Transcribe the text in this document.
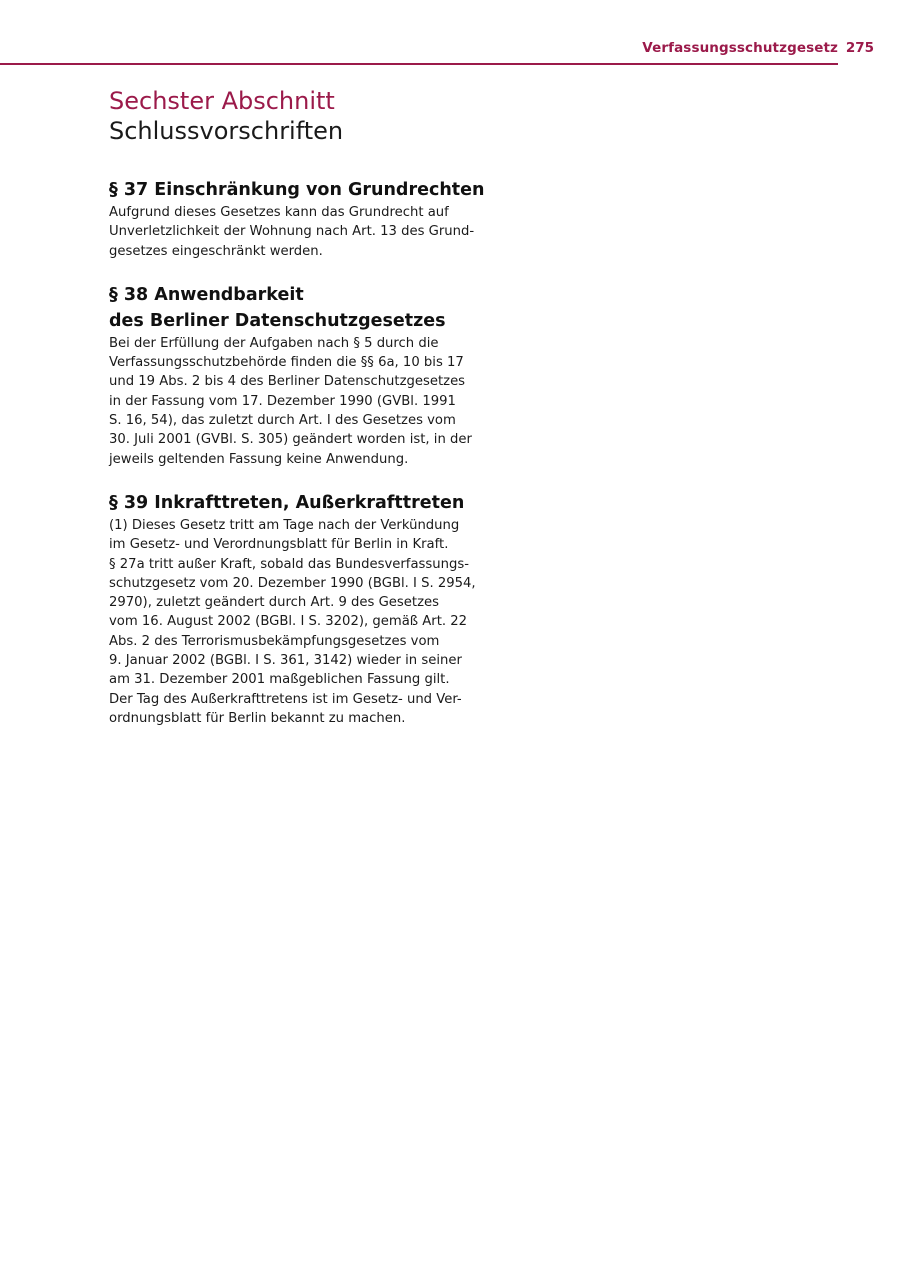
Verfassungsschutzgesetz 275
Sechster Abschnitt
Schlussvorschriften
§ 37 Einschränkung von Grundrechten
Aufgrund dieses Gesetzes kann das Grundrecht auf
Unverletzlichkeit der Wohnung nach Art. 13 des Grund-
gesetzes eingeschränkt werden.
§ 38 Anwendbarkeit
des Berliner Datenschutzgesetzes
Bei der Erfüllung der Aufgaben nach § 5 durch die
Verfassungsschutzbehörde finden die §§ 6a, 10 bis 17
und 19 Abs. 2 bis 4 des Berliner Datenschutzgesetzes
in der Fassung vom 17. Dezember 1990 (GVBl. 1991
S. 16, 54), das zuletzt durch Art. I des Gesetzes vom
30. Juli 2001 (GVBl. S. 305) geändert worden ist, in der
jeweils geltenden Fassung keine Anwendung.
§ 39 Inkrafttreten, Außerkrafttreten
(1) Dieses Gesetz tritt am Tage nach der Verkündung
im Gesetz- und Verordnungsblatt für Berlin in Kraft.
§ 27a tritt außer Kraft, sobald das Bundesverfassungs-
schutzgesetz vom 20. Dezember 1990 (BGBl. I S. 2954,
2970), zuletzt geändert durch Art. 9 des Gesetzes
vom 16. August 2002 (BGBl. I S. 3202), gemäß Art. 22
Abs. 2 des Terrorismusbekämpfungsgesetzes vom
9. Januar 2002 (BGBl. I S. 361, 3142) wieder in seiner
am 31. Dezember 2001 maßgeblichen Fassung gilt.
Der Tag des Außerkrafttretens ist im Gesetz- und Ver-
ordnungsblatt für Berlin bekannt zu machen.
